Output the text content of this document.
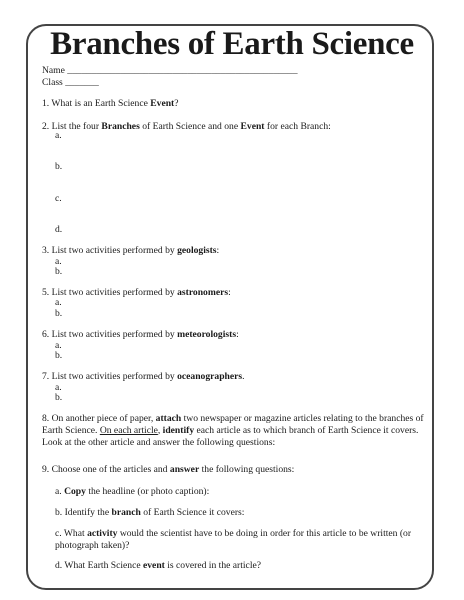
Branches of Earth Science

Name ________________________________________________

Class _______

1. What is an Earth Science Event?

2. List the four Branches of Earth Science and one Event for each Branch:

a.

b.

c.

d.

3. List two activities performed by geologists:

a.

b.

5. List two activities performed by astronomers:

a.

b.

6. List two activities performed by meteorologists:

a.

b.

7. List two activities performed by oceanographers.

a.

b.

8. On another piece of paper, attach two newspaper or magazine articles relating to the branches of Earth Science. On each article, identify each article as to which branch of Earth Science it covers. Look at the other article and answer the following questions:

9. Choose one of the articles and answer the following questions:

a. Copy the headline (or photo caption):

b. Identify the branch of Earth Science it covers:

c. What activity would the scientist have to be doing in order for this article to be written (or photograph taken)?

d. What Earth Science event is covered in the article?
